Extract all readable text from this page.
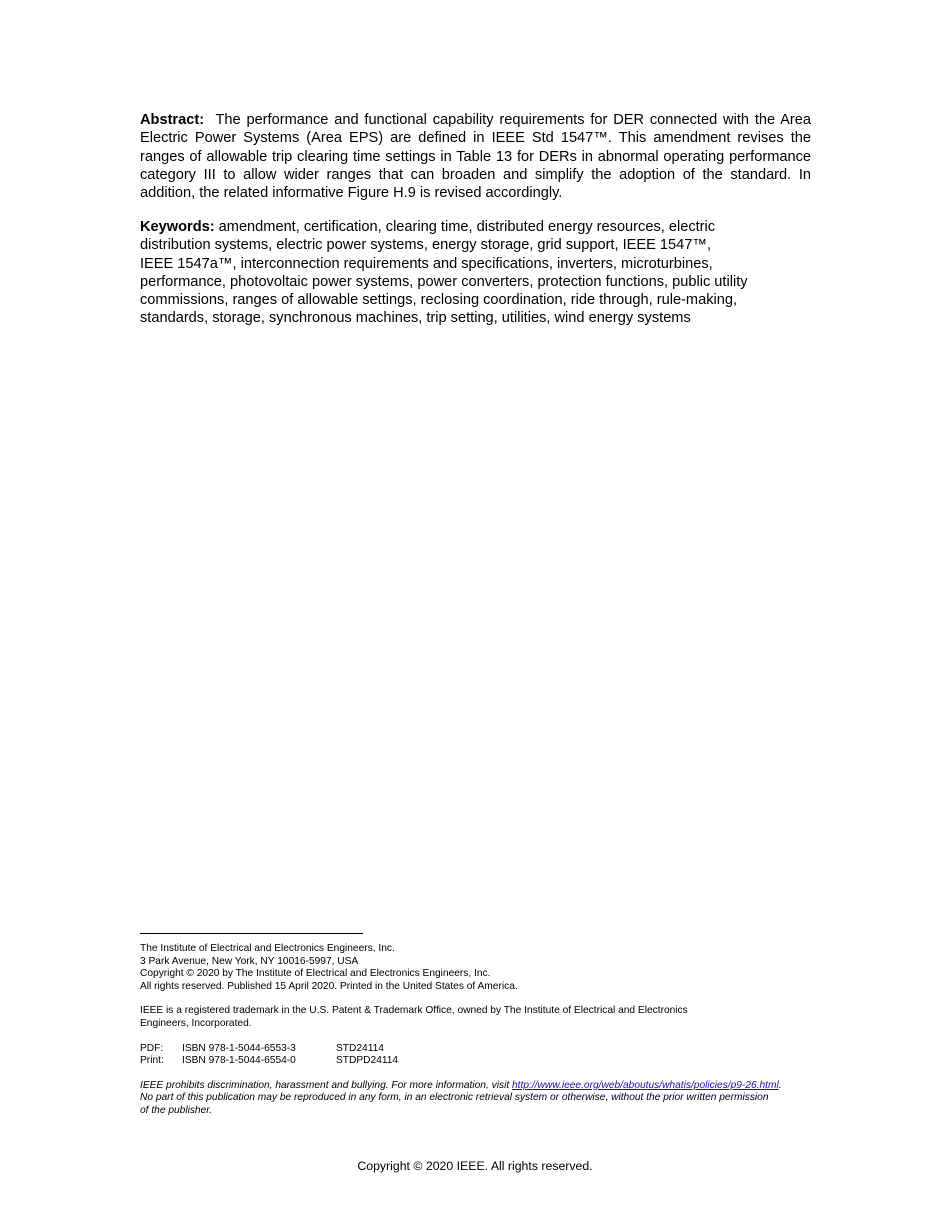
Abstract: The performance and functional capability requirements for DER connected with the Area Electric Power Systems (Area EPS) are defined in IEEE Std 1547™. This amendment revises the ranges of allowable trip clearing time settings in Table 13 for DERs in abnormal operating performance category III to allow wider ranges that can broaden and simplify the adoption of the standard. In addition, the related informative Figure H.9 is revised accordingly.

Keywords: amendment, certification, clearing time, distributed energy resources, electric
distribution systems, electric power systems, energy storage, grid support, IEEE 1547™,
IEEE 1547a™, interconnection requirements and specifications, inverters, microturbines,
performance, photovoltaic power systems, power converters, protection functions, public utility
commissions, ranges of allowable settings, reclosing coordination, ride through, rule-making,
standards, storage, synchronous machines, trip setting, utilities, wind energy systems
The Institute of Electrical and Electronics Engineers, Inc.
3 Park Avenue, New York, NY 10016-5997, USA
Copyright © 2020 by The Institute of Electrical and Electronics Engineers, Inc.
All rights reserved. Published 15 April 2020. Printed in the United States of America.
IEEE is a registered trademark in the U.S. Patent & Trademark Office, owned by The Institute of Electrical and Electronics
Engineers, Incorporated.
PDF:	ISBN 978-1-5044-6553-3	STD24114
Print:	ISBN 978-1-5044-6554-0	STDPD24114
IEEE prohibits discrimination, harassment and bullying. For more information, visit http://www.ieee.org/web/aboutus/whatis/policies/p9-26.html.
No part of this publication may be reproduced in any form, in an electronic retrieval system or otherwise, without the prior written permission
of the publisher.
Copyright © 2020 IEEE. All rights reserved.
